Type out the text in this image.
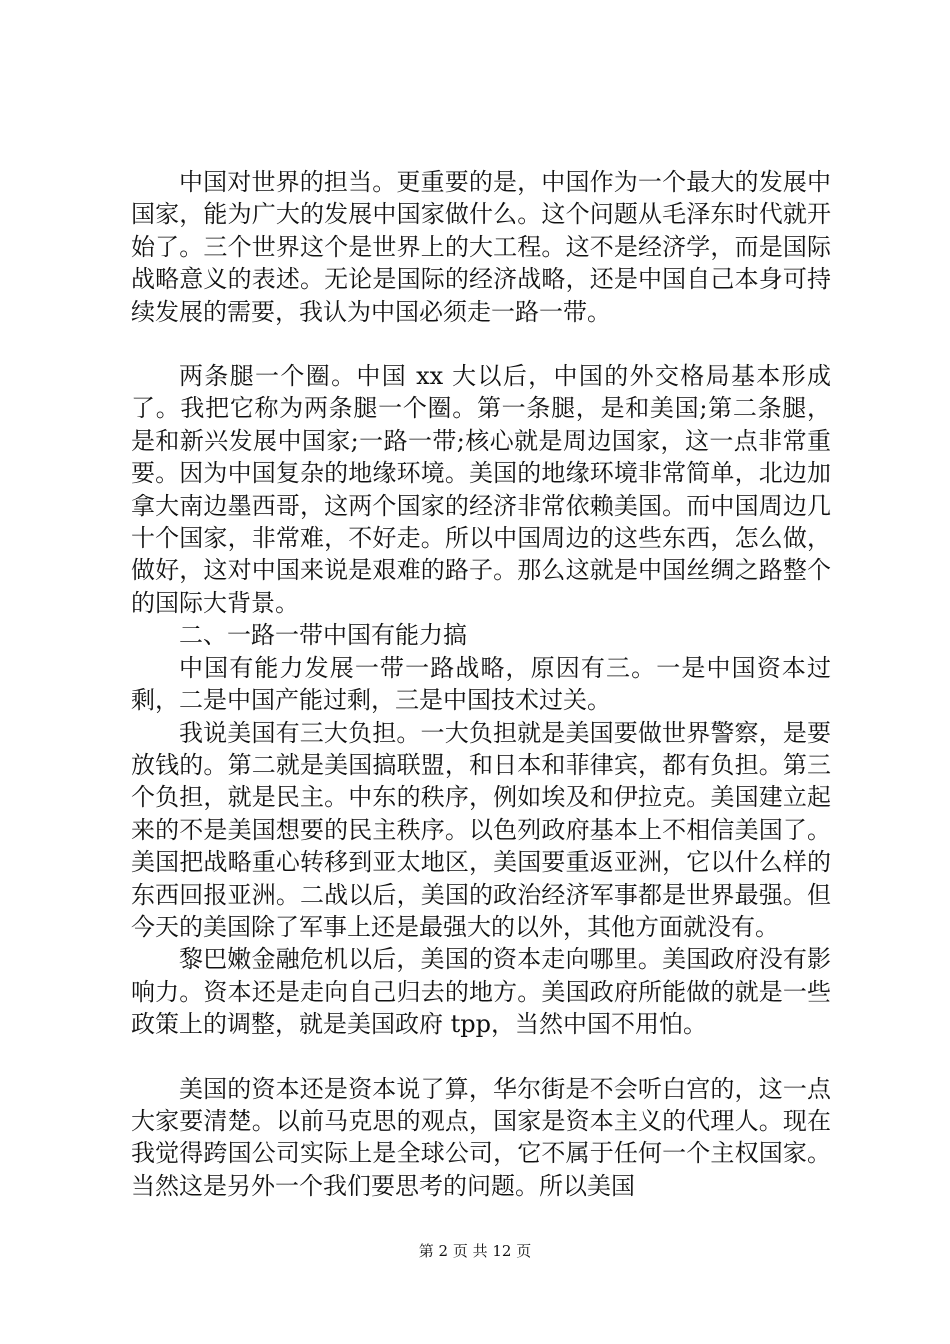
中国对世界的担当。更重要的是，中国作为一个最大的发展中国家，能为广大的发展中国家做什么。这个问题从毛泽东时代就开始了。三个世界这个是世界上的大工程。这不是经济学，而是国际战略意义的表述。无论是国际的经济战略，还是中国自己本身可持续发展的需要，我认为中国必须走一路一带。

两条腿一个圈。中国 xx 大以后，中国的外交格局基本形成了。我把它称为两条腿一个圈。第一条腿，是和美国;第二条腿，是和新兴发展中国家;一路一带;核心就是周边国家，这一点非常重要。因为中国复杂的地缘环境。美国的地缘环境非常简单，北边加拿大南边墨西哥，这两个国家的经济非常依赖美国。而中国周边几十个国家，非常难，不好走。所以中国周边的这些东西，怎么做，做好，这对中国来说是艰难的路子。那么这就是中国丝绸之路整个的国际大背景。

二、一路一带中国有能力搞

中国有能力发展一带一路战略，原因有三。一是中国资本过剩，二是中国产能过剩，三是中国技术过关。

我说美国有三大负担。一大负担就是美国要做世界警察，是要放钱的。第二就是美国搞联盟，和日本和菲律宾，都有负担。第三个负担，就是民主。中东的秩序，例如埃及和伊拉克。美国建立起来的不是美国想要的民主秩序。以色列政府基本上不相信美国了。美国把战略重心转移到亚太地区，美国要重返亚洲，它以什么样的东西回报亚洲。二战以后，美国的政治经济军事都是世界最强。但今天的美国除了军事上还是最强大的以外，其他方面就没有。

黎巴嫩金融危机以后，美国的资本走向哪里。美国政府没有影响力。资本还是走向自己归去的地方。美国政府所能做的就是一些政策上的调整，就是美国政府 tpp，当然中国不用怕。

美国的资本还是资本说了算，华尔街是不会听白宫的，这一点大家要清楚。以前马克思的观点，国家是资本主义的代理人。现在我觉得跨国公司实际上是全球公司，它不属于任何一个主权国家。当然这是另外一个我们要思考的问题。所以美国

第 2 页 共 12 页
